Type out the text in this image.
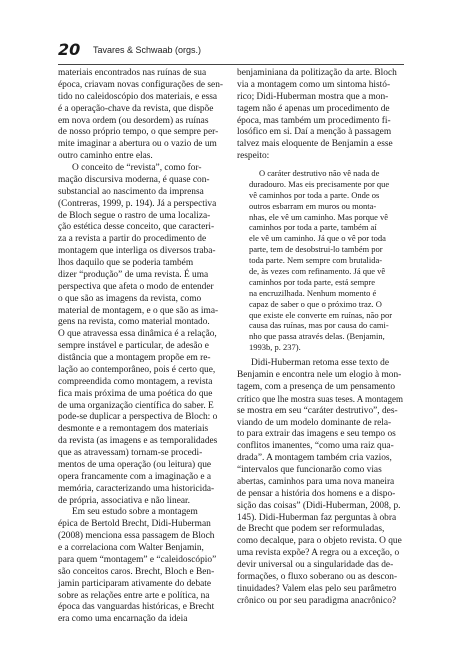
20 Tavares & Schwaab (orgs.)
materiais encontrados nas ruínas de sua
época, criavam novas configurações de sen-
tido no caleidoscópio dos materiais, e essa
é a operação-chave da revista, que dispõe
em nova ordem (ou desordem) as ruínas
de nosso próprio tempo, o que sempre per-
mite imaginar a abertura ou o vazio de um
outro caminho entre elas.
O conceito de “revista”, como for-
mação discursiva moderna, é quase con-
substancial ao nascimento da imprensa
(Contreras, 1999, p. 194). Já a perspectiva
de Bloch segue o rastro de uma localiza-
ção estética desse conceito, que caracteri-
za a revista a partir do procedimento de
montagem que interliga os diversos traba-
lhos daquilo que se poderia também
dizer “produção” de uma revista. É uma
perspectiva que afeta o modo de entender
o que são as imagens da revista, como
material de montagem, e o que são as ima-
gens na revista, como material montado.
O que atravessa essa dinâmica é a relação,
sempre instável e particular, de adesão e
distância que a montagem propõe em re-
lação ao contemporâneo, pois é certo que,
compreendida como montagem, a revista
fica mais próxima de uma poética do que
de uma organização científica do saber. E
pode-se duplicar a perspectiva de Bloch: o
desmonte e a remontagem dos materiais
da revista (as imagens e as temporalidades
que as atravessam) tornam-se procedi-
mentos de uma operação (ou leitura) que
opera francamente com a imaginação e a
memória, caracterizando uma historicida-
de própria, associativa e não linear.
Em seu estudo sobre a montagem
épica de Bertold Brecht, Didi-Huberman
(2008) menciona essa passagem de Bloch
e a correlaciona com Walter Benjamin,
para quem “montagem” e “caleidoscópio”
são conceitos caros. Brecht, Bloch e Ben-
jamin participaram ativamente do debate
sobre as relações entre arte e política, na
época das vanguardas históricas, e Brecht
era como uma encarnação da ideia
benjaminiana da politização da arte. Bloch
via a montagem como um sintoma histó-
rico; Didi-Huberman mostra que a mon-
tagem não é apenas um procedimento de
época, mas também um procedimento fi-
losófico em si. Daí a menção à passagem
talvez mais eloquente de Benjamin a esse
respeito:
O caráter destrutivo não vê nada de
duradouro. Mas eis precisamente por que
vê caminhos por toda a parte. Onde os
outros esbarram em muros ou monta-
nhas, ele vê um caminho. Mas porque vê
caminhos por toda a parte, também aí
ele vê um caminho. Já que o vê por toda
parte, tem de desobstrui-lo também por
toda parte. Nem sempre com brutalida-
de, às vezes com refinamento. Já que vê
caminhos por toda parte, está sempre
na encruzilhada. Nenhum momento é
capaz de saber o que o próximo traz. O
que existe ele converte em ruínas, não por
causa das ruínas, mas por causa do cami-
nho que passa através delas. (Benjamin,
1993b, p. 237).
Didi-Huberman retoma esse texto de
Benjamin e encontra nele um elogio à mon-
tagem, com a presença de um pensamento
crítico que lhe mostra suas teses. A montagem
se mostra em seu “caráter destrutivo”, des-
viando de um modelo dominante de rela-
to para extrair das imagens e seu tempo os
conflitos imanentes, “como uma raiz qua-
drada”. A montagem também cria vazios,
“intervalos que funcionarão como vias
abertas, caminhos para uma nova maneira
de pensar a história dos homens e a dispo-
sição das coisas” (Didi-Huberman, 2008, p.
145). Didi-Huberman faz perguntas à obra
de Brecht que podem ser reformuladas,
como decalque, para o objeto revista. O que
uma revista expõe? A regra ou a exceção, o
devir universal ou a singularidade das de-
formações, o fluxo soberano ou as descon-
tinuidades? Valem elas pelo seu parâmetro
crônico ou por seu paradigma anacrônico?
